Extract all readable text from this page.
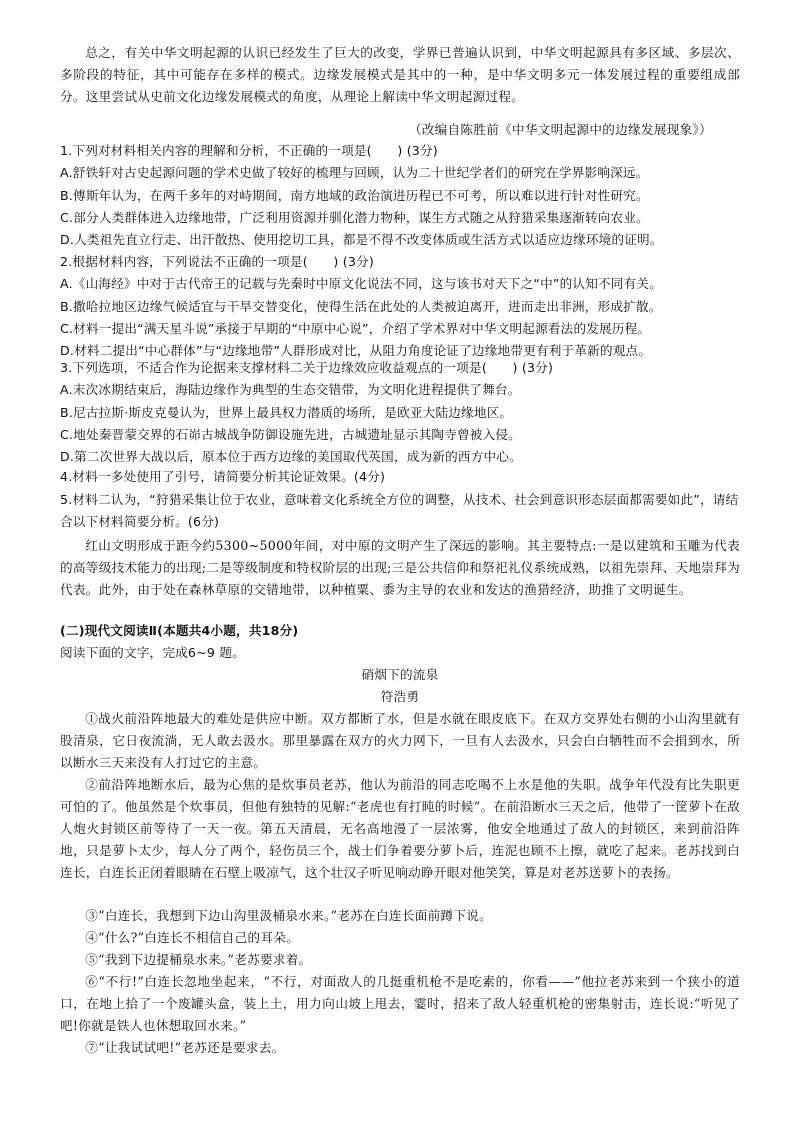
总之，有关中华文明起源的认识已经发生了巨大的改变，学界已普遍认识到，中华文明起源具有多区域、多层次、多阶段的特征，其中可能存在多样的模式。边缘发展模式是其中的一种，是中华文明多元一体发展过程的重要组成部分。这里尝试从史前文化边缘发展模式的角度，从理论上解读中华文明起源过程。

（改编自陈胜前《中华文明起源中的边缘发展现象》）

1.下列对材料相关内容的理解和分析，不正确的一项是(　　) (3分)
A.舒铁轩对古史起源问题的学术史做了较好的梳理与回顾，认为二十世纪学者们的研究在学界影响深远。
B.傅斯年认为，在两千多年的对峙期间，南方地域的政治演进历程已不可考，所以难以进行针对性研究。
C.部分人类群体进入边缘地带，广泛利用资源并驯化潜力物种，谋生方式随之从狩猎采集逐渐转向农业。
D.人类祖先直立行走、出汗散热、使用挖切工具，都是不得不改变体质或生活方式以适应边缘环境的证明。
2.根据材料内容，下列说法不正确的一项是(　　) (3分)
A.《山海经》中对于古代帝王的记载与先秦时中原文化说法不同，这与该书对天下之“中”的认知不同有关。
B.撒哈拉地区边缘气候适宜与干旱交替变化，使得生活在此处的人类被迫离开，进而走出非洲，形成扩散。
C.材料一提出“满天星斗说”承接于早期的“中原中心说”，介绍了学术界对中华文明起源看法的发展历程。
D.材料二提出“中心群体”与“边缘地带”人群形成对比，从阻力角度论证了边缘地带更有利于革新的观点。
3.下列选项，不适合作为论据来支撑材料二关于边缘效应收益观点的一项是(　　) (3分)
A.末次冰期结束后，海陆边缘作为典型的生态交错带，为文明化进程提供了舞台。
B.尼古拉斯·斯皮克曼认为，世界上最具权力潜质的场所，是欧亚大陆边缘地区。
C.地处秦晋蒙交界的石峁古城战争防御设施先进，古城遗址显示其陶寺曾被入侵。
D.第二次世界大战以后，原本位于西方边缘的美国取代英国，成为新的西方中心。

4.材料一多处使用了引号，请简要分析其论证效果。(4分)

5.材料二认为，“狩猎采集让位于农业，意味着文化系统全方位的调整，从技术、社会到意识形态层面都需要如此”，请结合以下材料简要分析。(6分)

红山文明形成于距今约5300~5000年间，对中原的文明产生了深远的影响。其主要特点:一是以建筑和玉雕为代表的高等级技术能力的出现;二是等级制度和特权阶层的出现;三是公共信仰和祭祀礼仪系统成熟，以祖先崇拜、天地崇拜为代表。此外，由于处在森林草原的交错地带，以种植粟、黍为主导的农业和发达的渔猎经济，助推了文明诞生。

(二)现代文阅读Ⅱ(本题共4小题，共18分)

阅读下面的文字，完成6~9 题。

硝烟下的流泉

符浩勇

①战火前沿阵地最大的难处是供应中断。双方都断了水，但是水就在眼皮底下。在双方交界处右侧的小山沟里就有股清泉，它日夜流淌，无人敢去汲水。那里暴露在双方的火力网下，一旦有人去汲水，只会白白牺牲而不会捐到水，所以断水三天来没有人打过它的主意。

②前沿阵地断水后，最为心焦的是炊事员老苏，他认为前沿的同志吃喝不上水是他的失职。战争年代没有比失职更可怕的了。他虽然是个炊事员，但他有独特的见解:“老虎也有打盹的时候”。在前沿断水三天之后，他带了一筐萝卜在敌人炮火封锁区前等待了一天一夜。第五天清晨，无名高地漫了一层浓雾，他安全地通过了敌人的封锁区，来到前沿阵地，只是萝卜太少，每人分了两个，轻伤员三个，战士们争着要分萝卜后，连泥也顾不上擦，就吃了起来。老苏找到白连长，白连长正闭着眼睛在石壁上吸凉气，这个壮汉子听见响动睁开眼对他笑笑，算是对老苏送萝卜的表扬。

③“白连长，我想到下边山沟里汲桶泉水来。”老苏在白连长面前蹲下说。

④“什么?”白连长不相信自己的耳朵。

⑤“我到下边提桶泉水来。”老苏要求着。

⑥“不行!”白连长忽地坐起来，“不行，对面敌人的几挺重机枪不是吃素的，你看——”他拉老苏来到一个狭小的道口，在地上拾了一个废罐头盒，装上土，用力向山坡上甩去，霎时，招来了敌人轻重机枪的密集射击，连长说:“听见了吧!你就是铁人也休想取回水来。”

⑦“让我试试吧!”老苏还是要求去。
